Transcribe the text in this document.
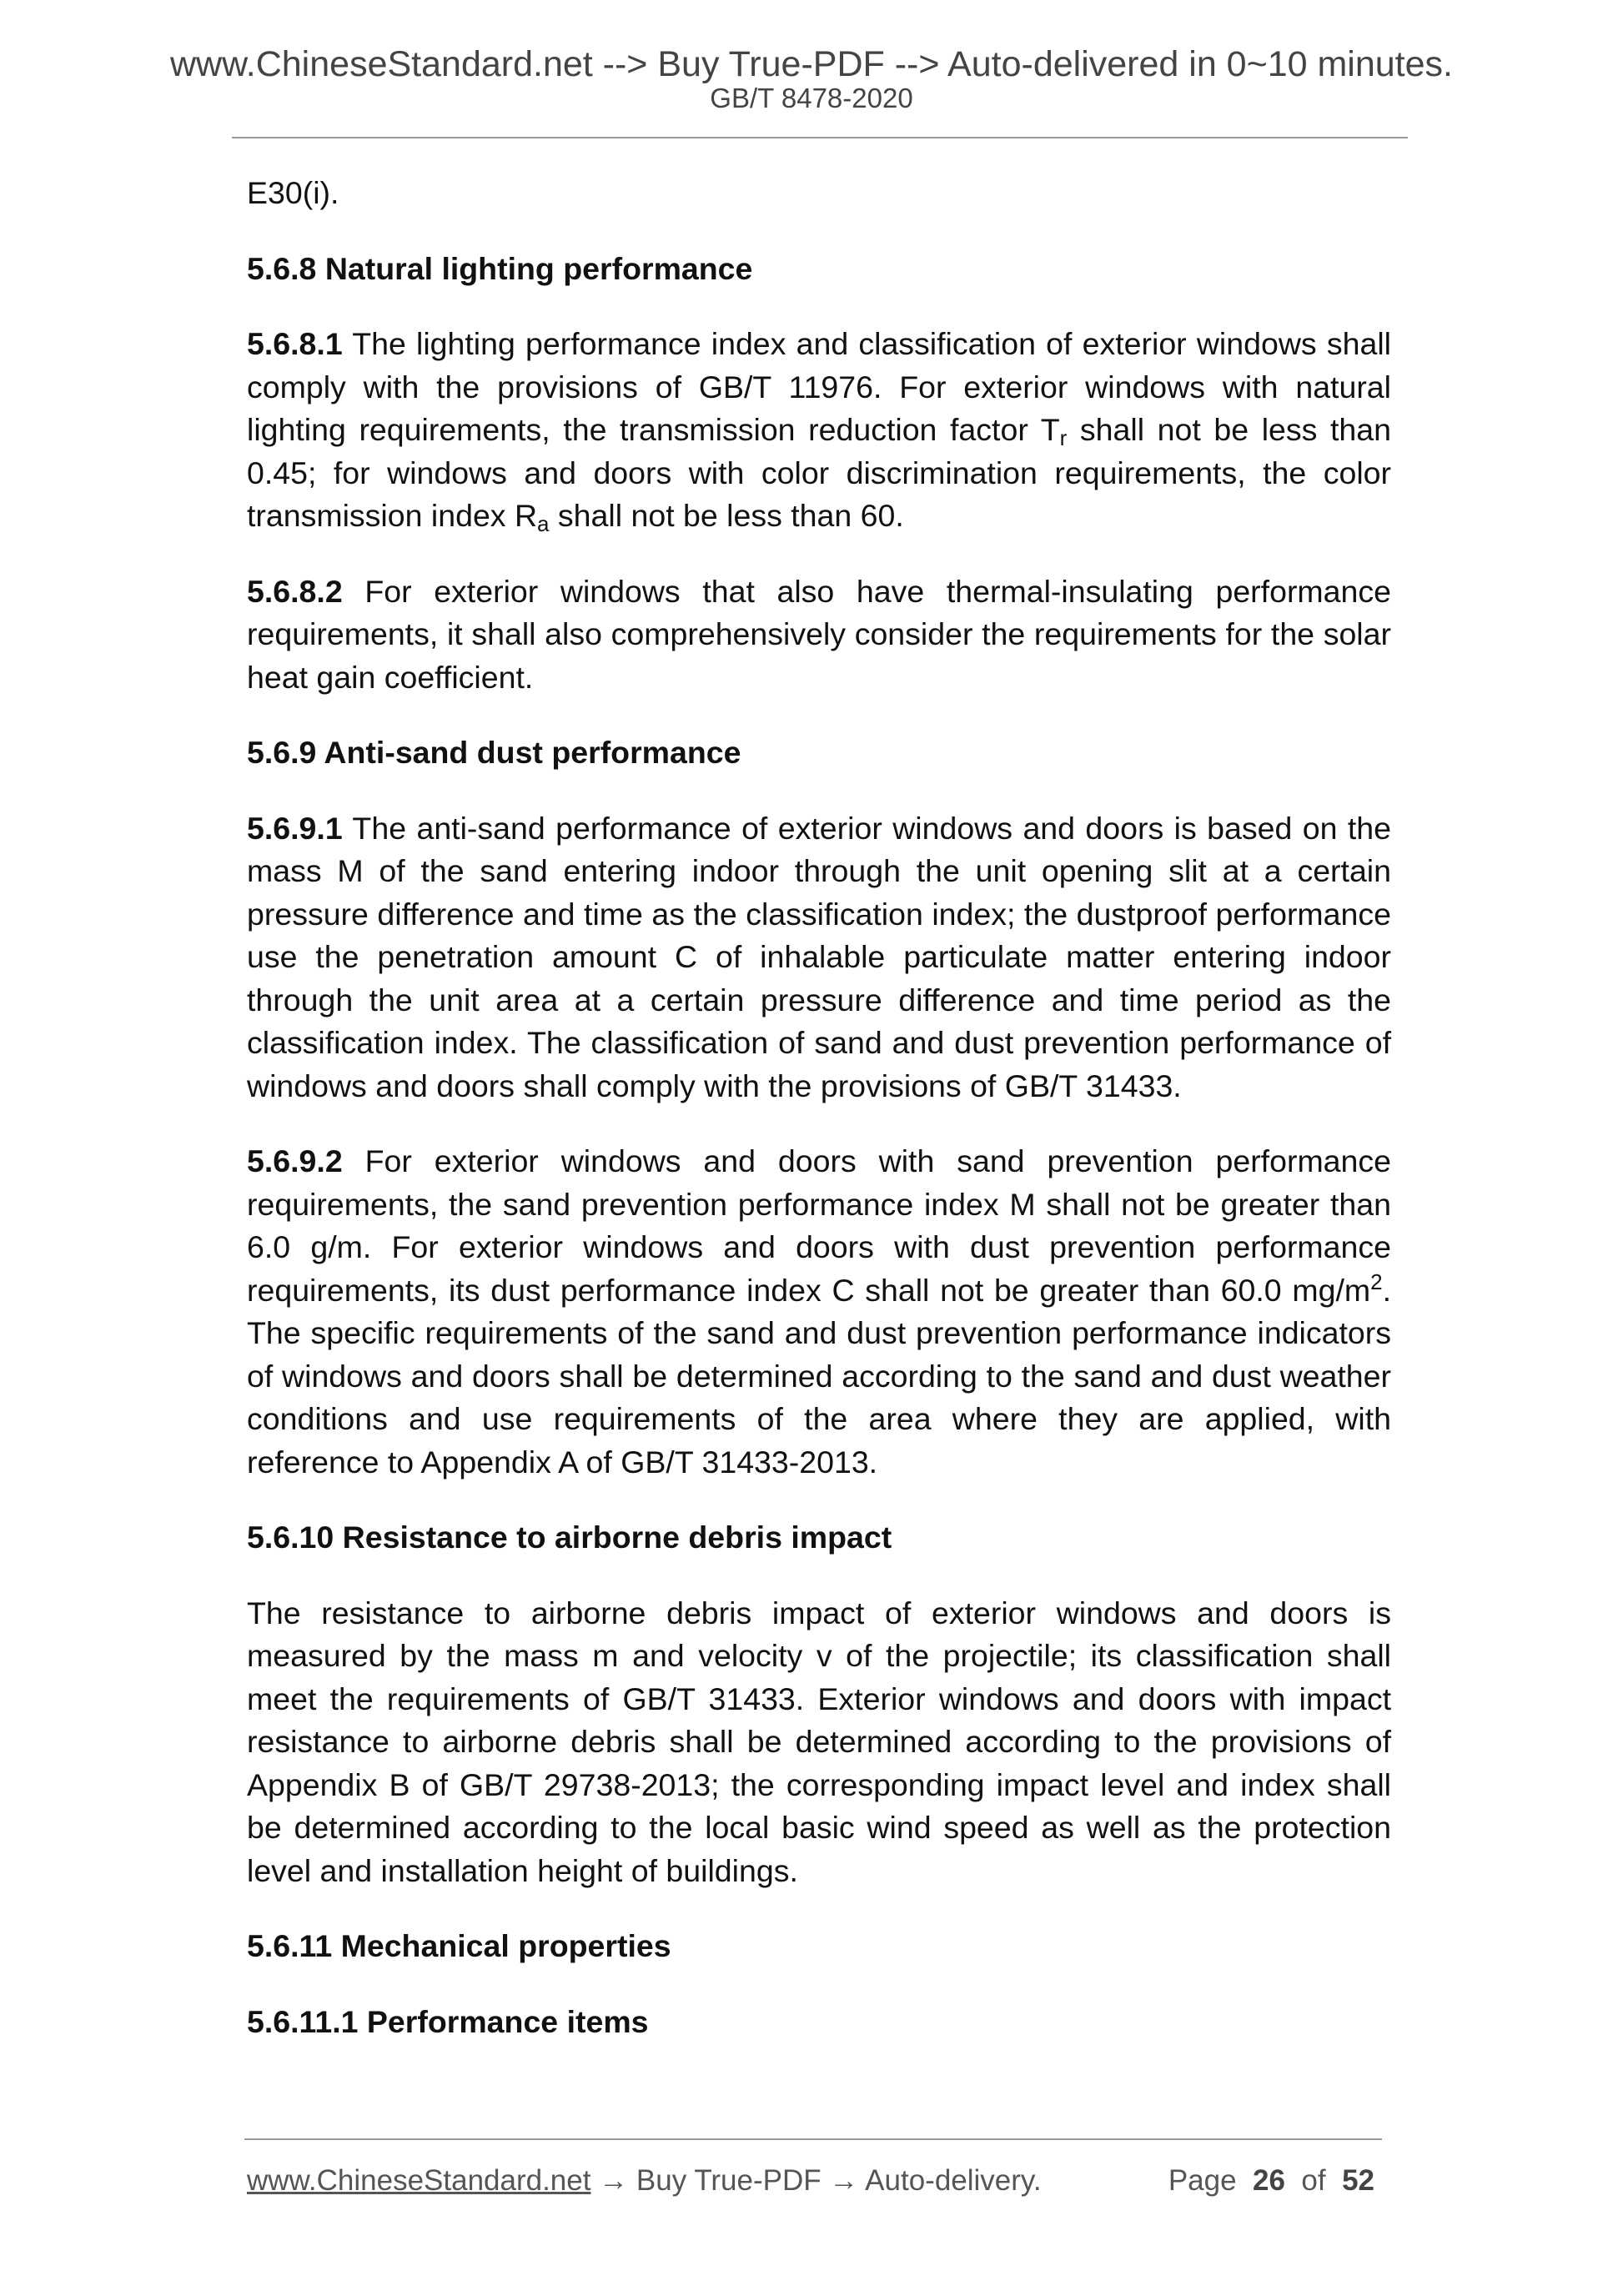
www.ChineseStandard.net --> Buy True-PDF --> Auto-delivered in 0~10 minutes.
GB/T 8478-2020

E30(i).

5.6.8 Natural lighting performance

5.6.8.1 The lighting performance index and classification of exterior windows shall comply with the provisions of GB/T 11976. For exterior windows with natural lighting requirements, the transmission reduction factor $T_r$ shall not be less than 0.45; for windows and doors with color discrimination requirements, the color transmission index $R_a$ shall not be less than 60.

5.6.8.2 For exterior windows that also have thermal-insulating performance requirements, it shall also comprehensively consider the requirements for the solar heat gain coefficient.

5.6.9 Anti-sand dust performance

5.6.9.1 The anti-sand performance of exterior windows and doors is based on the mass M of the sand entering indoor through the unit opening slit at a certain pressure difference and time as the classification index; the dustproof performance use the penetration amount C of inhalable particulate matter entering indoor through the unit area at a certain pressure difference and time period as the classification index. The classification of sand and dust prevention performance of windows and doors shall comply with the provisions of GB/T 31433.

5.6.9.2 For exterior windows and doors with sand prevention performance requirements, the sand prevention performance index M shall not be greater than 6.0 g/m. For exterior windows and doors with dust prevention performance requirements, its dust performance index C shall not be greater than 60.0 $mg/m^2$. The specific requirements of the sand and dust prevention performance indicators of windows and doors shall be determined according to the sand and dust weather conditions and use requirements of the area where they are applied, with reference to Appendix A of GB/T 31433-2013.

5.6.10 Resistance to airborne debris impact

The resistance to airborne debris impact of exterior windows and doors is measured by the mass m and velocity v of the projectile; its classification shall meet the requirements of GB/T 31433. Exterior windows and doors with impact resistance to airborne debris shall be determined according to the provisions of Appendix B of GB/T 29738-2013; the corresponding impact level and index shall be determined according to the local basic wind speed as well as the protection level and installation height of buildings.

5.6.11 Mechanical properties
5.6.11.1 Performance items
www.ChineseStandard.net → Buy True-PDF → Auto-delivery.	Page 26 of 52
